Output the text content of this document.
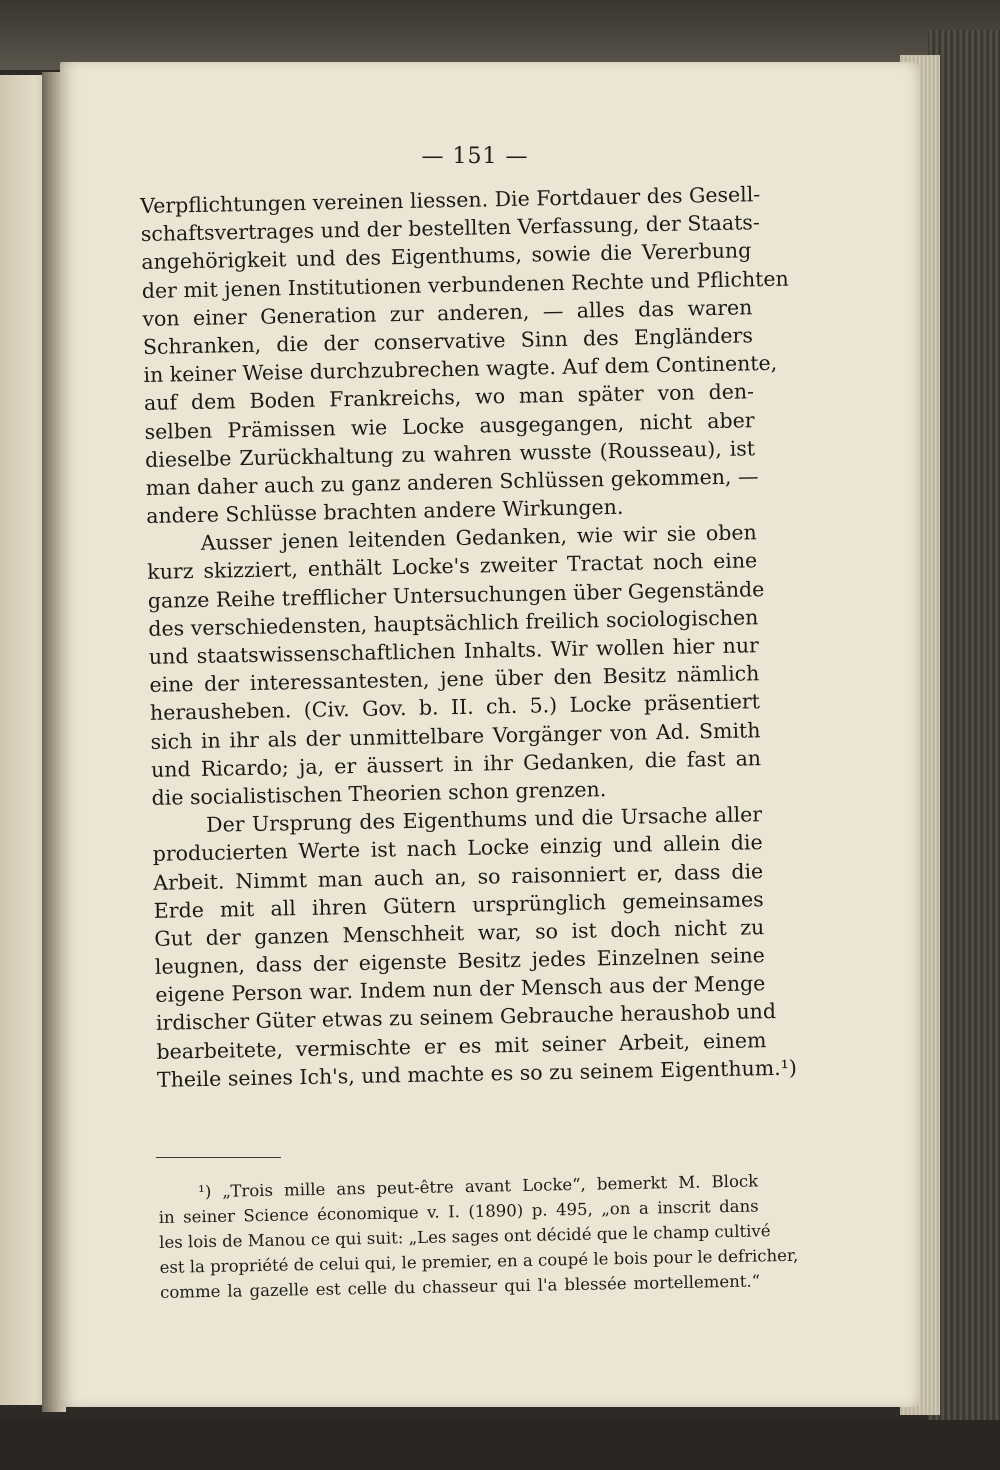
— 151 —
Verpflichtungen vereinen liessen. Die Fortdauer des Gesell-
schaftsvertrages und der bestellten Verfassung, der Staats-
angehörigkeit und des Eigenthums, sowie die Vererbung
der mit jenen Institutionen verbundenen Rechte und Pflichten
von einer Generation zur anderen, — alles das waren
Schranken, die der conservative Sinn des Engländers
in keiner Weise durchzubrechen wagte. Auf dem Continente,
auf dem Boden Frankreichs, wo man später von den-
selben Prämissen wie Locke ausgegangen, nicht aber
dieselbe Zurückhaltung zu wahren wusste (Rousseau), ist
man daher auch zu ganz anderen Schlüssen gekommen, —
andere Schlüsse brachten andere Wirkungen.
Ausser jenen leitenden Gedanken, wie wir sie oben
kurz skizziert, enthält Locke's zweiter Tractat noch eine
ganze Reihe trefflicher Untersuchungen über Gegenstände
des verschiedensten, hauptsächlich freilich sociologischen
und staatswissenschaftlichen Inhalts. Wir wollen hier nur
eine der interessantesten, jene über den Besitz nämlich
herausheben. (Civ. Gov. b. II. ch. 5.) Locke präsentiert
sich in ihr als der unmittelbare Vorgänger von Ad. Smith
und Ricardo; ja, er äussert in ihr Gedanken, die fast an
die socialistischen Theorien schon grenzen.
Der Ursprung des Eigenthums und die Ursache aller
producierten Werte ist nach Locke einzig und allein die
Arbeit. Nimmt man auch an, so raisonniert er, dass die
Erde mit all ihren Gütern ursprünglich gemeinsames
Gut der ganzen Menschheit war, so ist doch nicht zu
leugnen, dass der eigenste Besitz jedes Einzelnen seine
eigene Person war. Indem nun der Mensch aus der Menge
irdischer Güter etwas zu seinem Gebrauche heraushob und
bearbeitete, vermischte er es mit seiner Arbeit, einem
Theile seines Ich's, und machte es so zu seinem Eigenthum.¹)
¹) „Trois mille ans peut-être avant Locke“, bemerkt M. Block
in seiner Science économique v. I. (1890) p. 495, „on a inscrit dans
les lois de Manou ce qui suit: „Les sages ont décidé que le champ cultivé
est la propriété de celui qui, le premier, en a coupé le bois pour le defricher,
comme la gazelle est celle du chasseur qui l'a blessée mortellement.“
